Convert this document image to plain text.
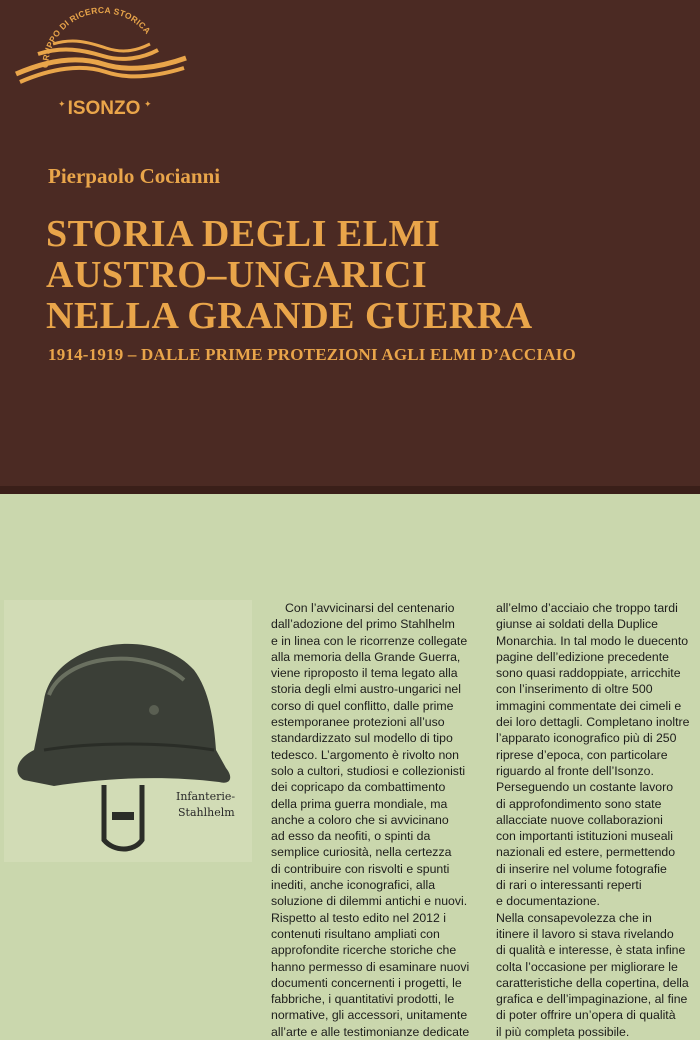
GRUPPO DI RICERCA STORICA
✦	✦
ISONZO
Pierpaolo Cocianni
STORIA DEGLI ELMI
AUSTRO–UNGARICI
NELLA GRANDE GUERRA
1914-1919 – DALLE PRIME PROTEZIONI AGLI ELMI D’ACCIAIO
Infanterie-
Stahlhelm
Con l’avvicinarsi del centenario
dall’adozione del primo Stahlhelm
e in linea con le ricorrenze collegate
alla memoria della Grande Guerra,
viene riproposto il tema legato alla
storia degli elmi austro-ungarici nel
corso di quel conflitto, dalle prime
estemporanee protezioni all’uso
standardizzato sul modello di tipo
tedesco. L’argomento è rivolto non
solo a cultori, studiosi e collezionisti
dei copricapo da combattimento
della prima guerra mondiale, ma
anche a coloro che si avvicinano
ad esso da neofiti, o spinti da
semplice curiosità, nella certezza
di contribuire con risvolti e spunti
inediti, anche iconografici, alla
soluzione di dilemmi antichi e nuovi.
Rispetto al testo edito nel 2012 i
contenuti risultano ampliati con
approfondite ricerche storiche che
hanno permesso di esaminare nuovi
documenti concernenti i progetti, le
fabbriche, i quantitativi prodotti, le
normative, gli accessori, unitamente
all’arte e alle testimonianze dedicate
all’elmo d’acciaio che troppo tardi
giunse ai soldati della Duplice
Monarchia. In tal modo le duecento
pagine dell’edizione precedente
sono quasi raddoppiate, arricchite
con l’inserimento di oltre 500
immagini commentate dei cimeli e
dei loro dettagli. Completano inoltre
l’apparato iconografico più di 250
riprese d’epoca, con particolare
riguardo al fronte dell’Isonzo.
Perseguendo un costante lavoro
di approfondimento sono state
allacciate nuove collaborazioni
con importanti istituzioni museali
nazionali ed estere, permettendo
di inserire nel volume fotografie
di rari o interessanti reperti
e documentazione.
Nella consapevolezza che in
itinere il lavoro si stava rivelando
di qualità e interesse, è stata infine
colta l’occasione per migliorare le
caratteristiche della copertina, della
grafica e dell’impaginazione, al fine
di poter offrire un’opera di qualità
il più completa possibile.
